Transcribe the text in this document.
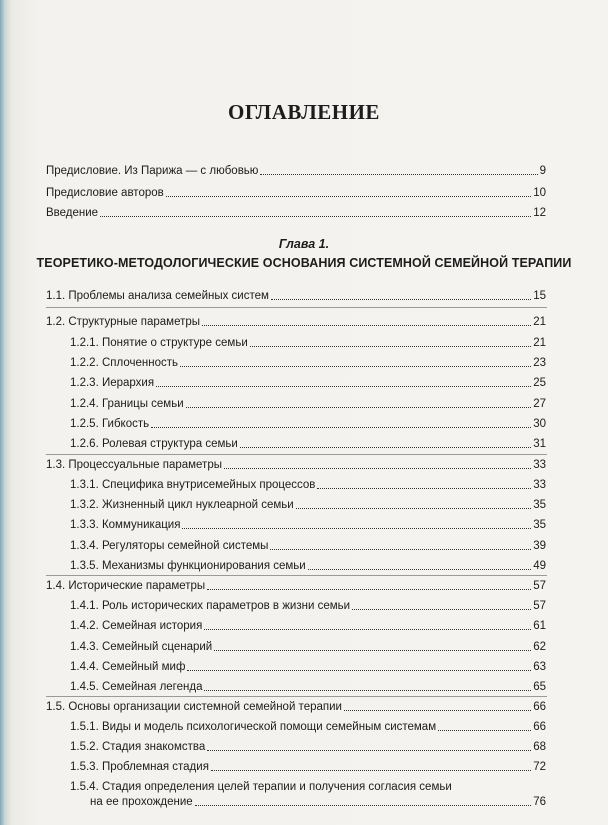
ОГЛАВЛЕНИЕ
Предисловие. Из Парижа — с любовью	9
Предисловие авторов	10
Введение	12
Глава 1.
ТЕОРЕТИКО-МЕТОДОЛОГИЧЕСКИЕ ОСНОВАНИЯ СИСТЕМНОЙ СЕМЕЙНОЙ ТЕРАПИИ
1.1. Проблемы анализа семейных систем	15
1.2. Структурные параметры	21
1.2.1. Понятие о структуре семьи	21
1.2.2. Сплоченность	23
1.2.3. Иерархия	25
1.2.4. Границы семьи	27
1.2.5. Гибкость	30
1.2.6. Ролевая структура семьи	31
1.3. Процессуальные параметры	33
1.3.1. Специфика внутрисемейных процессов	33
1.3.2. Жизненный цикл нуклеарной семьи	35
1.3.3. Коммуникация	35
1.3.4. Регуляторы семейной системы	39
1.3.5. Механизмы функционирования семьи	49
1.4. Исторические параметры	57
1.4.1. Роль исторических параметров в жизни семьи	57
1.4.2. Семейная история	61
1.4.3. Семейный сценарий	62
1.4.4. Семейный миф	63
1.4.5. Семейная легенда	65
1.5. Основы организации системной семейной терапии	66
1.5.1. Виды и модель психологической помощи семейным системам	66
1.5.2. Стадия знакомства	68
1.5.3. Проблемная стадия	72
1.5.4. Стадия определения целей терапии и получения согласия семьи
на ее прохождение	76
